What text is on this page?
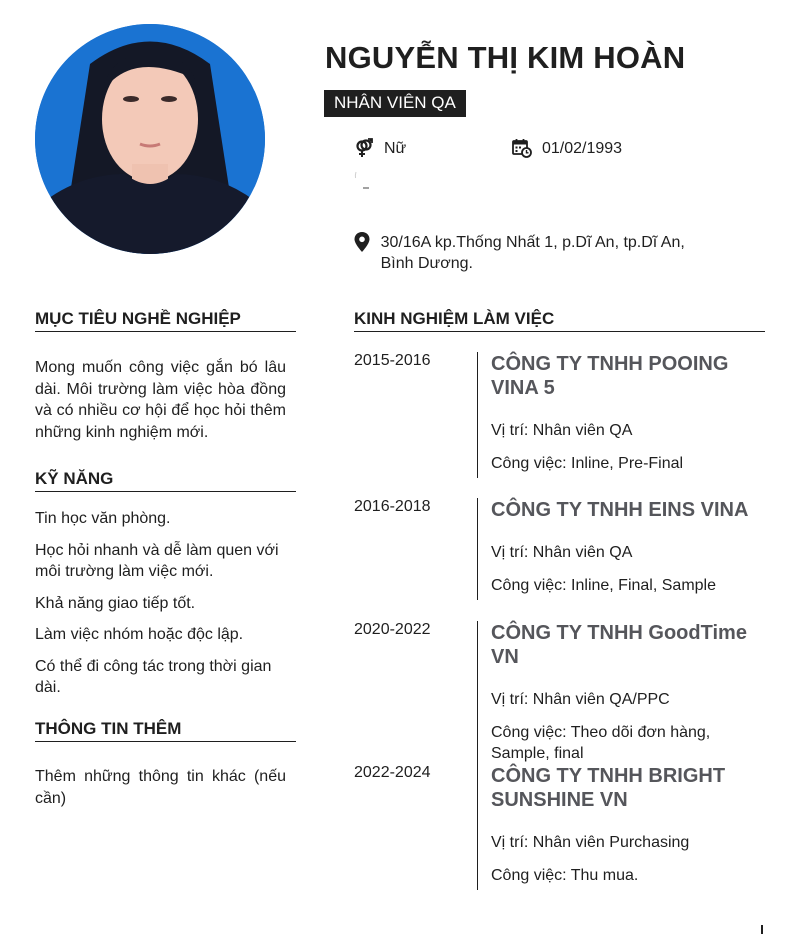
NGUYỄN THỊ KIM HOÀN
NHÂN VIÊN QA
Nữ	01/02/1993
30/16A kp.Thống Nhất 1, p.Dĩ An, tp.Dĩ An, Bình Dương.
MỤC TIÊU NGHỀ NGHIỆP
Mong muốn công việc gắn bó lâu dài. Môi trường làm việc hòa đồng và có nhiều cơ hội để học hỏi thêm những kinh nghiệm mới.
KỸ NĂNG
Tin học văn phòng.
Học hỏi nhanh và dễ làm quen với môi trường làm việc mới.
Khả năng giao tiếp tốt.
Làm việc nhóm hoặc độc lập.
Có thể đi công tác trong thời gian dài.
THÔNG TIN THÊM
Thêm những thông tin khác (nếu cần)
KINH NGHIỆM LÀM VIỆC
2015-2016	CÔNG TY TNHH POOING VINA 5
Vị trí: Nhân viên QA
Công việc: Inline, Pre-Final
2016-2018	CÔNG TY TNHH EINS VINA
Vị trí: Nhân viên QA
Công việc: Inline, Final, Sample
2020-2022	CÔNG TY TNHH GoodTime VN
Vị trí: Nhân viên QA/PPC
Công việc: Theo dõi đơn hàng, Sample, final
2022-2024	CÔNG TY TNHH BRIGHT SUNSHINE VN
Vị trí: Nhân viên Purchasing
Công việc: Thu mua.
